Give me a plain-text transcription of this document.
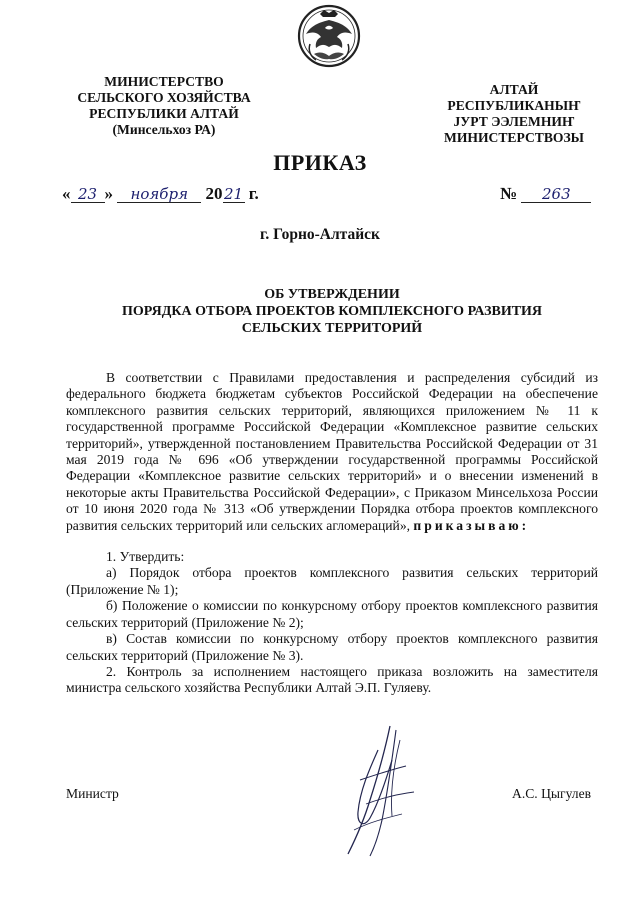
МИНИСТЕРСТВО
СЕЛЬСКОГО ХОЗЯЙСТВА
РЕСПУБЛИКИ АЛТАЙ
(Минсельхоз РА)
АЛТАЙ
РЕСПУБЛИКАНЫҤ
ЈУРТ ЭЭЛЕМНИҤ
МИНИСТЕРСТВОЗЫ
ПРИКАЗ
« 23 » ноября 2021 г.	№ 263
г. Горно-Алтайск
ОБ УТВЕРЖДЕНИИ
ПОРЯДКА ОТБОРА ПРОЕКТОВ КОМПЛЕКСНОГО РАЗВИТИЯ
СЕЛЬСКИХ ТЕРРИТОРИЙ

В соответствии с Правилами предоставления и распределения субсидий из федерального бюджета бюджетам субъектов Российской Федерации на обеспечение комплексного развития сельских территорий, являющихся приложением № 11 к государственной программе Российской Федерации «Комплексное развитие сельских территорий», утвержденной постановлением Правительства Российской Федерации от 31 мая 2019 года № 696 «Об утверждении государственной программы Российской Федерации «Комплексное развитие сельских территорий» и о внесении изменений в некоторые акты Правительства Российской Федерации», с Приказом Минсельхоза России от 10 июня 2020 года № 313 «Об утверждении Порядка отбора проектов комплексного развития сельских территорий или сельских агломераций», приказываю:

1. Утвердить:

а) Порядок отбора проектов комплексного развития сельских территорий (Приложение № 1);

б) Положение о комиссии по конкурсному отбору проектов комплексного развития сельских территорий (Приложение № 2);

в) Состав комиссии по конкурсному отбору проектов комплексного развития сельских территорий (Приложение № 3).

2. Контроль за исполнением настоящего приказа возложить на заместителя министра сельского хозяйства Республики Алтай Э.П. Гуляеву.

Министр	А.С. Цыгулев
